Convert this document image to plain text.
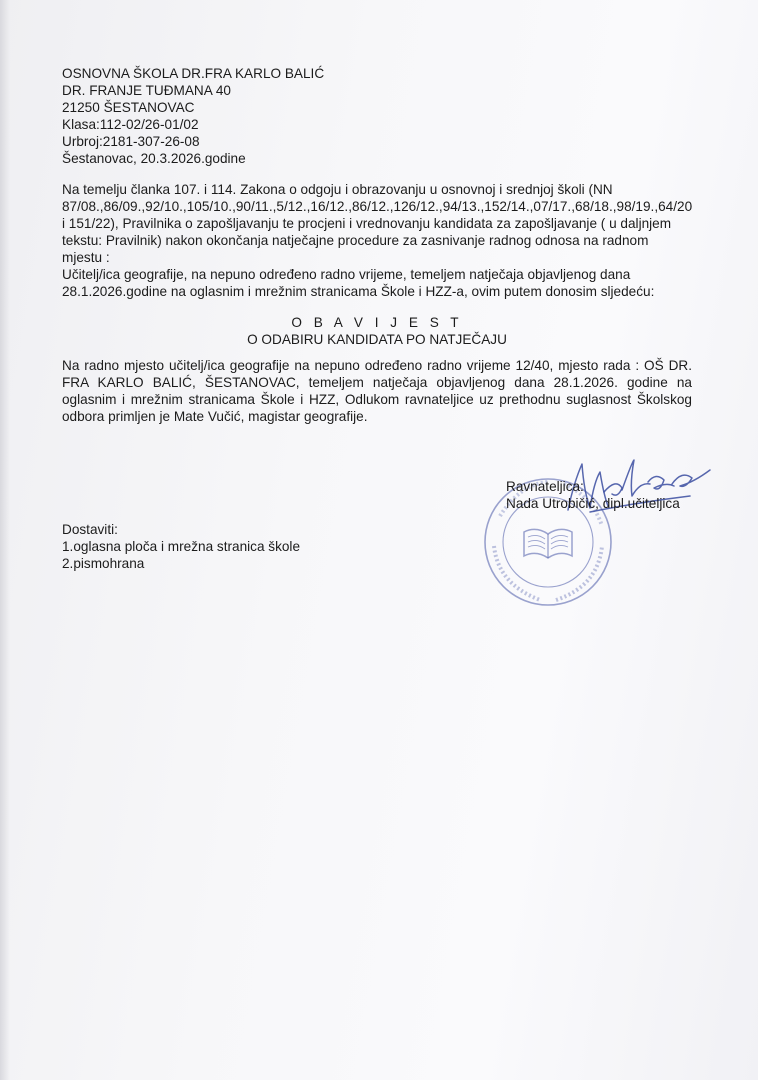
OSNOVNA ŠKOLA DR.FRA KARLO BALIĆ
DR. FRANJE TUĐMANA 40
21250 ŠESTANOVAC
Klasa:112-02/26-01/02
Urbroj:2181-307-26-08
Šestanovac, 20.3.2026.godine

Na temelju članka 107. i 114. Zakona o odgoju i obrazovanju u osnovnoj i srednjoj školi (NN 87/08.,86/09.,92/10.,105/10.,90/11.,5/12.,16/12.,86/12.,126/12.,94/13.,152/14.,07/17.,68/18.,98/19.,64/20 i 151/22), Pravilnika o zapošljavanju te procjeni i vrednovanju kandidata za zapošljavanje ( u daljnjem tekstu: Pravilnik) nakon okončanja natječajne procedure za zasnivanje radnog odnosa na radnom mjestu :

Učitelj/ica geografije, na nepuno određeno radno vrijeme, temeljem natječaja objavljenog dana 28.1.2026.godine na oglasnim i mrežnim stranicama Škole i HZZ-a, ovim putem donosim sljedeću:

O B A V I J E S T
O ODABIRU KANDIDATA PO NATJEČAJU

Na radno mjesto učitelj/ica geografije na nepuno određeno radno vrijeme 12/40, mjesto rada : OŠ DR. FRA KARLO BALIĆ, ŠESTANOVAC, temeljem natječaja objavljenog dana 28.1.2026. godine na oglasnim i mrežnim stranicama Škole i HZZ, Odlukom ravnateljice uz prethodnu suglasnost Školskog odbora primljen je Mate Vučić, magistar geografije.

Ravnateljica:
Nada Utrobičić, dipl.učiteljica
Dostaviti:
1.oglasna ploča i mrežna stranica škole
2.pismohrana
